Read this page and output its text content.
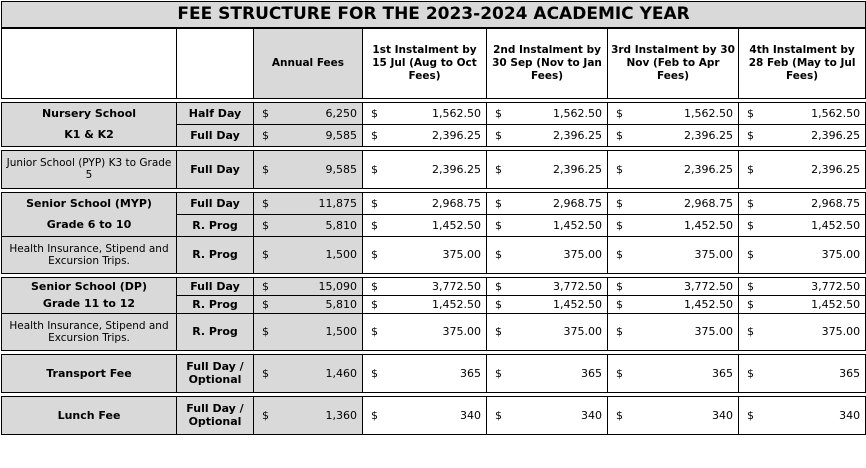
FEE STRUCTURE FOR THE 2023-2024 ACADEMIC YEAR											
		Annual Fees		1st Instalment by 15 Jul (Aug to Oct Fees)		2nd Instalment by 30 Sep (Nov to Jan Fees)		3rd Instalment by 30 Nov (Feb to Apr Fees)		4th Instalment by 28 Feb (May to Jul Fees)	

Nursery School	Half Day	$	6,250	$	1,562.50	$	1,562.50	$	1,562.50	$	1,562.50
K1 & K2	Full Day	$	9,585	$	2,396.25	$	2,396.25	$	2,396.25	$	2,396.25

Junior School (PYP) K3 to Grade 5	Full Day	$	9,585	$	2,396.25	$	2,396.25	$	2,396.25	$	2,396.25

Senior School (MYP)	Full Day	$	11,875	$	2,968.75	$	2,968.75	$	2,968.75	$	2,968.75
Grade 6 to 10	R. Prog	$	5,810	$	1,452.50	$	1,452.50	$	1,452.50	$	1,452.50
Health Insurance, Stipend and Excursion Trips.	R. Prog	$	1,500	$	375.00	$	375.00	$	375.00	$	375.00

Senior School (DP)	Full Day	$	15,090	$	3,772.50	$	3,772.50	$	3,772.50	$	3,772.50
Grade 11 to 12	R. Prog	$	5,810	$	1,452.50	$	1,452.50	$	1,452.50	$	1,452.50
Health Insurance, Stipend and Excursion Trips.	R. Prog	$	1,500	$	375.00	$	375.00	$	375.00	$	375.00

Transport Fee	Full Day / Optional	$	1,460	$	365	$	365	$	365	$	365

Lunch Fee	Full Day / Optional	$	1,360	$	340	$	340	$	340	$	340
